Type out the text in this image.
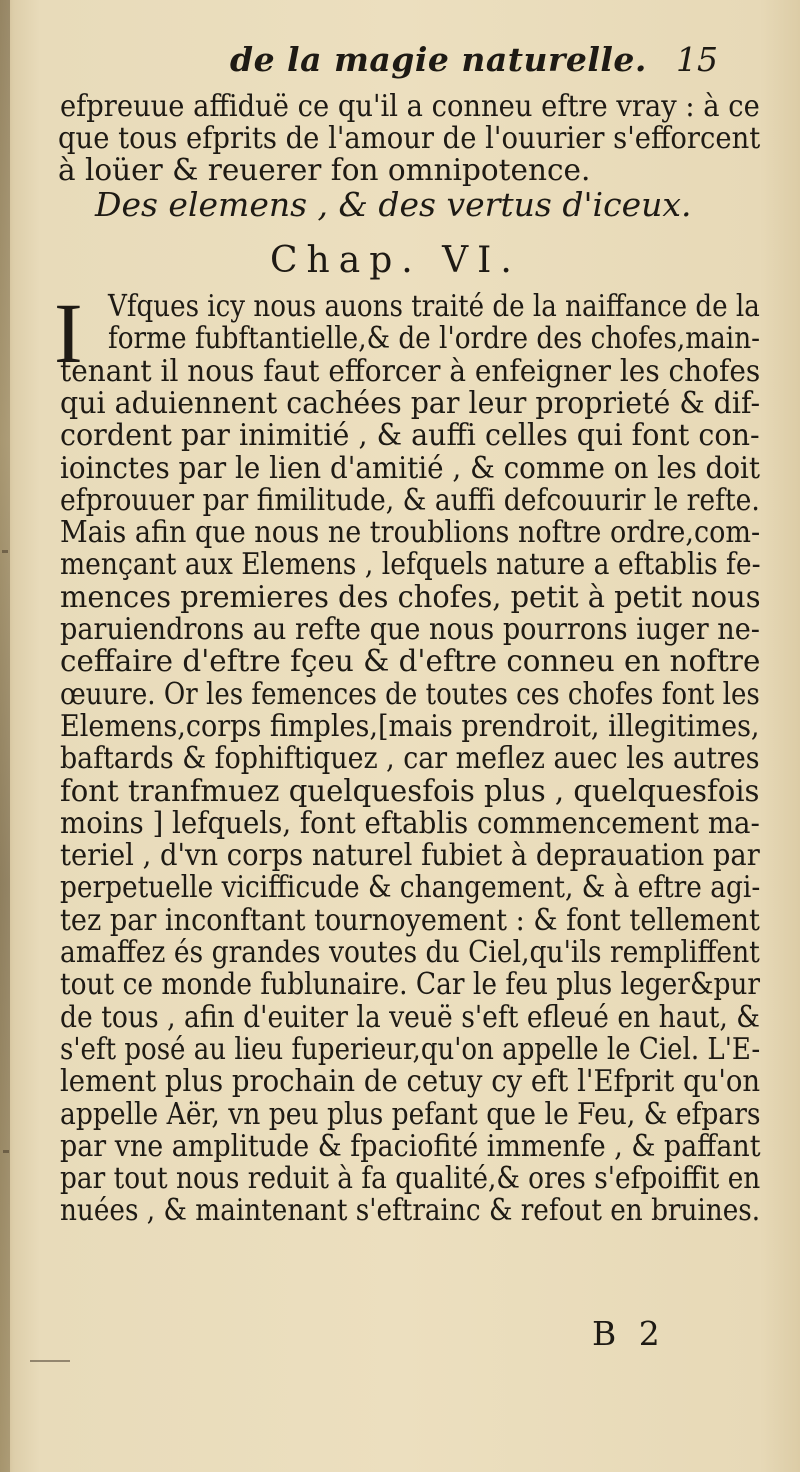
de la magie naturelle. 15
efpreuue affiduë ce qu'il a conneu eftre vray : à ce
que tous efprits de l'amour de l'ouurier s'efforcent
à loüer & reuerer fon omnipotence.
Des elemens , & des vertus d'iceux.
Chap. VI.
I Vfques icy nous auons traité de la naiffance de la
forme fubftantielle,& de l'ordre des chofes,main-
tenant il nous faut efforcer à enfeigner les chofes
qui aduiennent cachées par leur proprieté & dif-
cordent par inimitié , & auffi celles qui font con-
ioinctes par le lien d'amitié , & comme on les doit
efprouuer par fimilitude, & auffi defcouurir le refte.
Mais afin que nous ne troublions noftre ordre,com-
mençant aux Elemens , lefquels nature a eftablis fe-
mences premieres des chofes, petit à petit nous
paruiendrons au refte que nous pourrons iuger ne-
ceffaire d'eftre fçeu & d'eftre conneu en noftre
œuure. Or les femences de toutes ces chofes font les
Elemens,corps fimples,[mais prendroit, illegitimes,
baftards & fophiftiquez , car meflez auec les autres
font tranfmuez quelquesfois plus , quelquesfois
moins ] lefquels, font eftablis commencement ma-
teriel , d'vn corps naturel fubiet à deprauation par
perpetuelle vicifficude & changement, & à eftre agi-
tez par inconftant tournoyement : & font tellement
amaffez és grandes voutes du Ciel,qu'ils rempliffent
tout ce monde fublunaire. Car le feu plus leger&pur
de tous , afin d'euiter la veuë s'eft efleué en haut, &
s'eft posé au lieu fuperieur,qu'on appelle le Ciel. L'E-
lement plus prochain de cetuy cy eft l'Efprit qu'on
appelle Aër, vn peu plus pefant que le Feu, & efpars
par vne amplitude & fpaciofité immenfe , & paffant
par tout nous reduit à fa qualité,& ores s'efpoiffit en
nuées , & maintenant s'eftrainc & refout en bruines.
B 2
